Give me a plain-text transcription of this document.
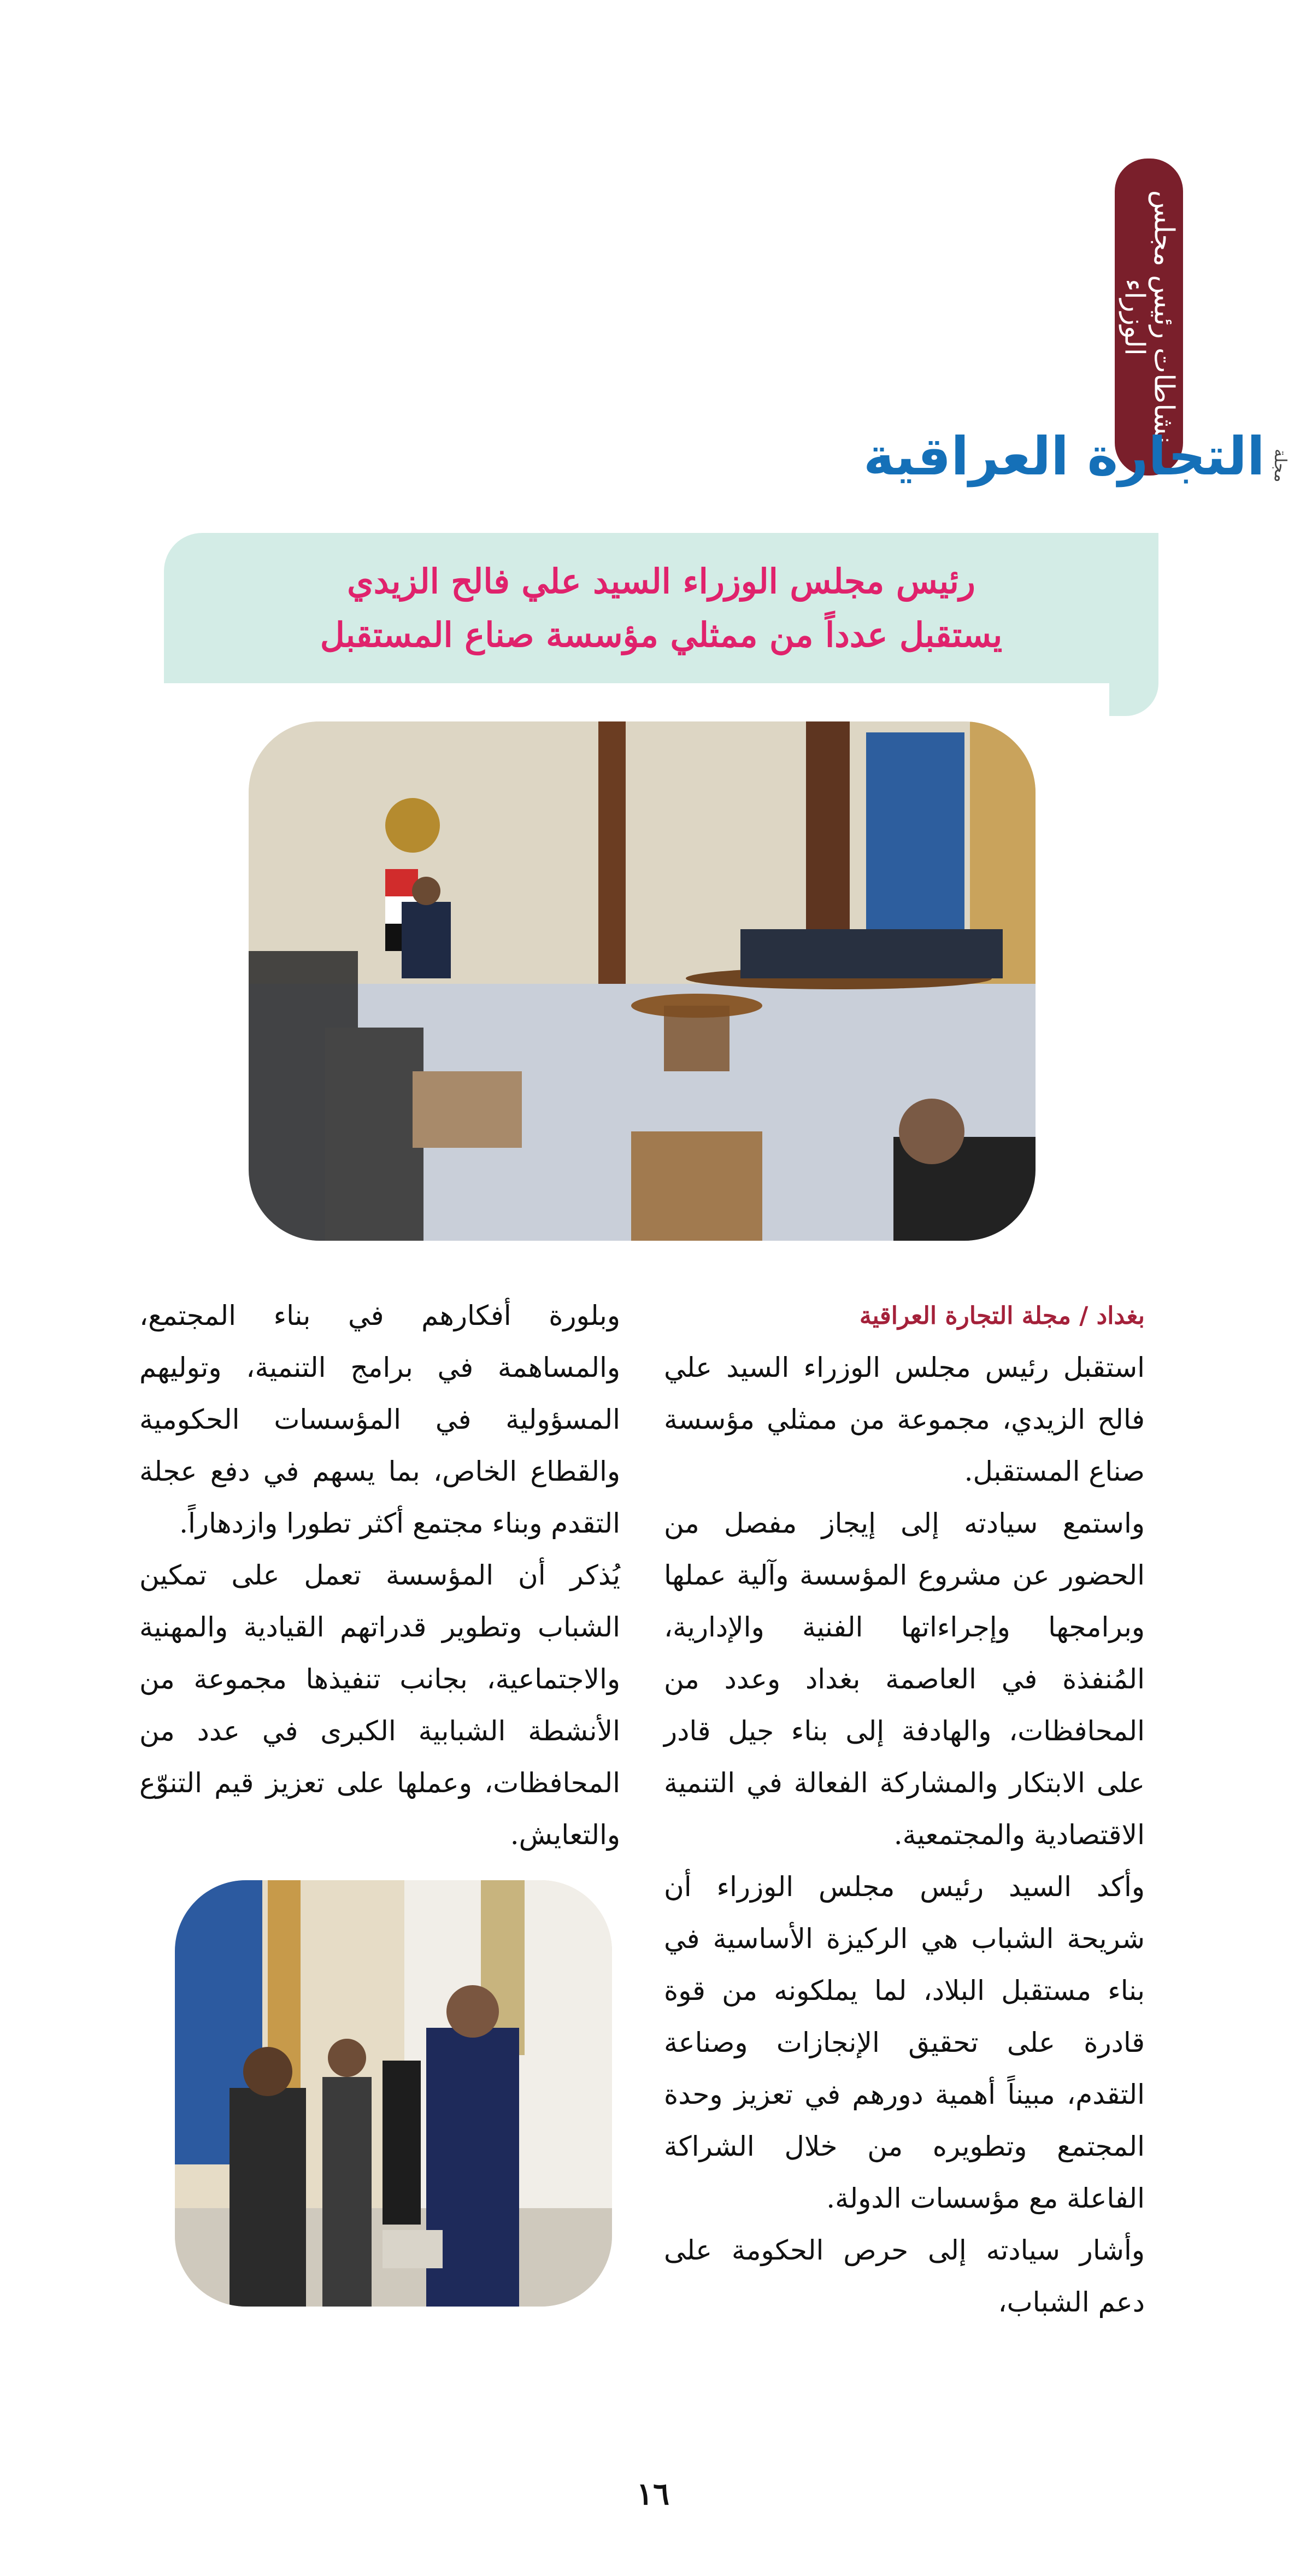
نشاطات رئيس مجلس الوزراء
مجلة
التجارة العراقية
رئيس مجلس الوزراء السيد علي فالح الزيدي
يستقبل عدداً من ممثلي مؤسسة صناع المستقبل

بغداد / مجلة التجارة العراقية

استقبل رئيس مجلس الوزراء السيد علي فالح الزيدي، مجموعة من ممثلي مؤسسة صناع المستقبل.

واستمع سيادته إلى إيجاز مفصل من الحضور عن مشروع المؤسسة وآلية عملها وبرامجها وإجراءاتها الفنية والإدارية، المُنفذة في العاصمة بغداد وعدد من المحافظات، والهادفة إلى بناء جيل قادر على الابتكار والمشاركة الفعالة في التنمية الاقتصادية والمجتمعية.

وأكد السيد رئيس مجلس الوزراء أن شريحة الشباب هي الركيزة الأساسية في بناء مستقبل البلاد، لما يملكونه من قوة قادرة على تحقيق الإنجازات وصناعة التقدم، مبيناً أهمية دورهم في تعزيز وحدة المجتمع وتطويره من خلال الشراكة الفاعلة مع مؤسسات الدولة.

وأشار سيادته إلى حرص الحكومة على دعم الشباب،

وبلورة أفكارهم في بناء المجتمع، والمساهمة في برامج التنمية، وتوليهم المسؤولية في المؤسسات الحكومية والقطاع الخاص، بما يسهم في دفع عجلة التقدم وبناء مجتمع أكثر تطورا وازدهاراً.

يُذكر أن المؤسسة تعمل على تمكين الشباب وتطوير قدراتهم القيادية والمهنية والاجتماعية، بجانب تنفيذها مجموعة من الأنشطة الشبابية الكبرى في عدد من المحافظات، وعملها على تعزيز قيم التنوّع والتعايش.

١٦
